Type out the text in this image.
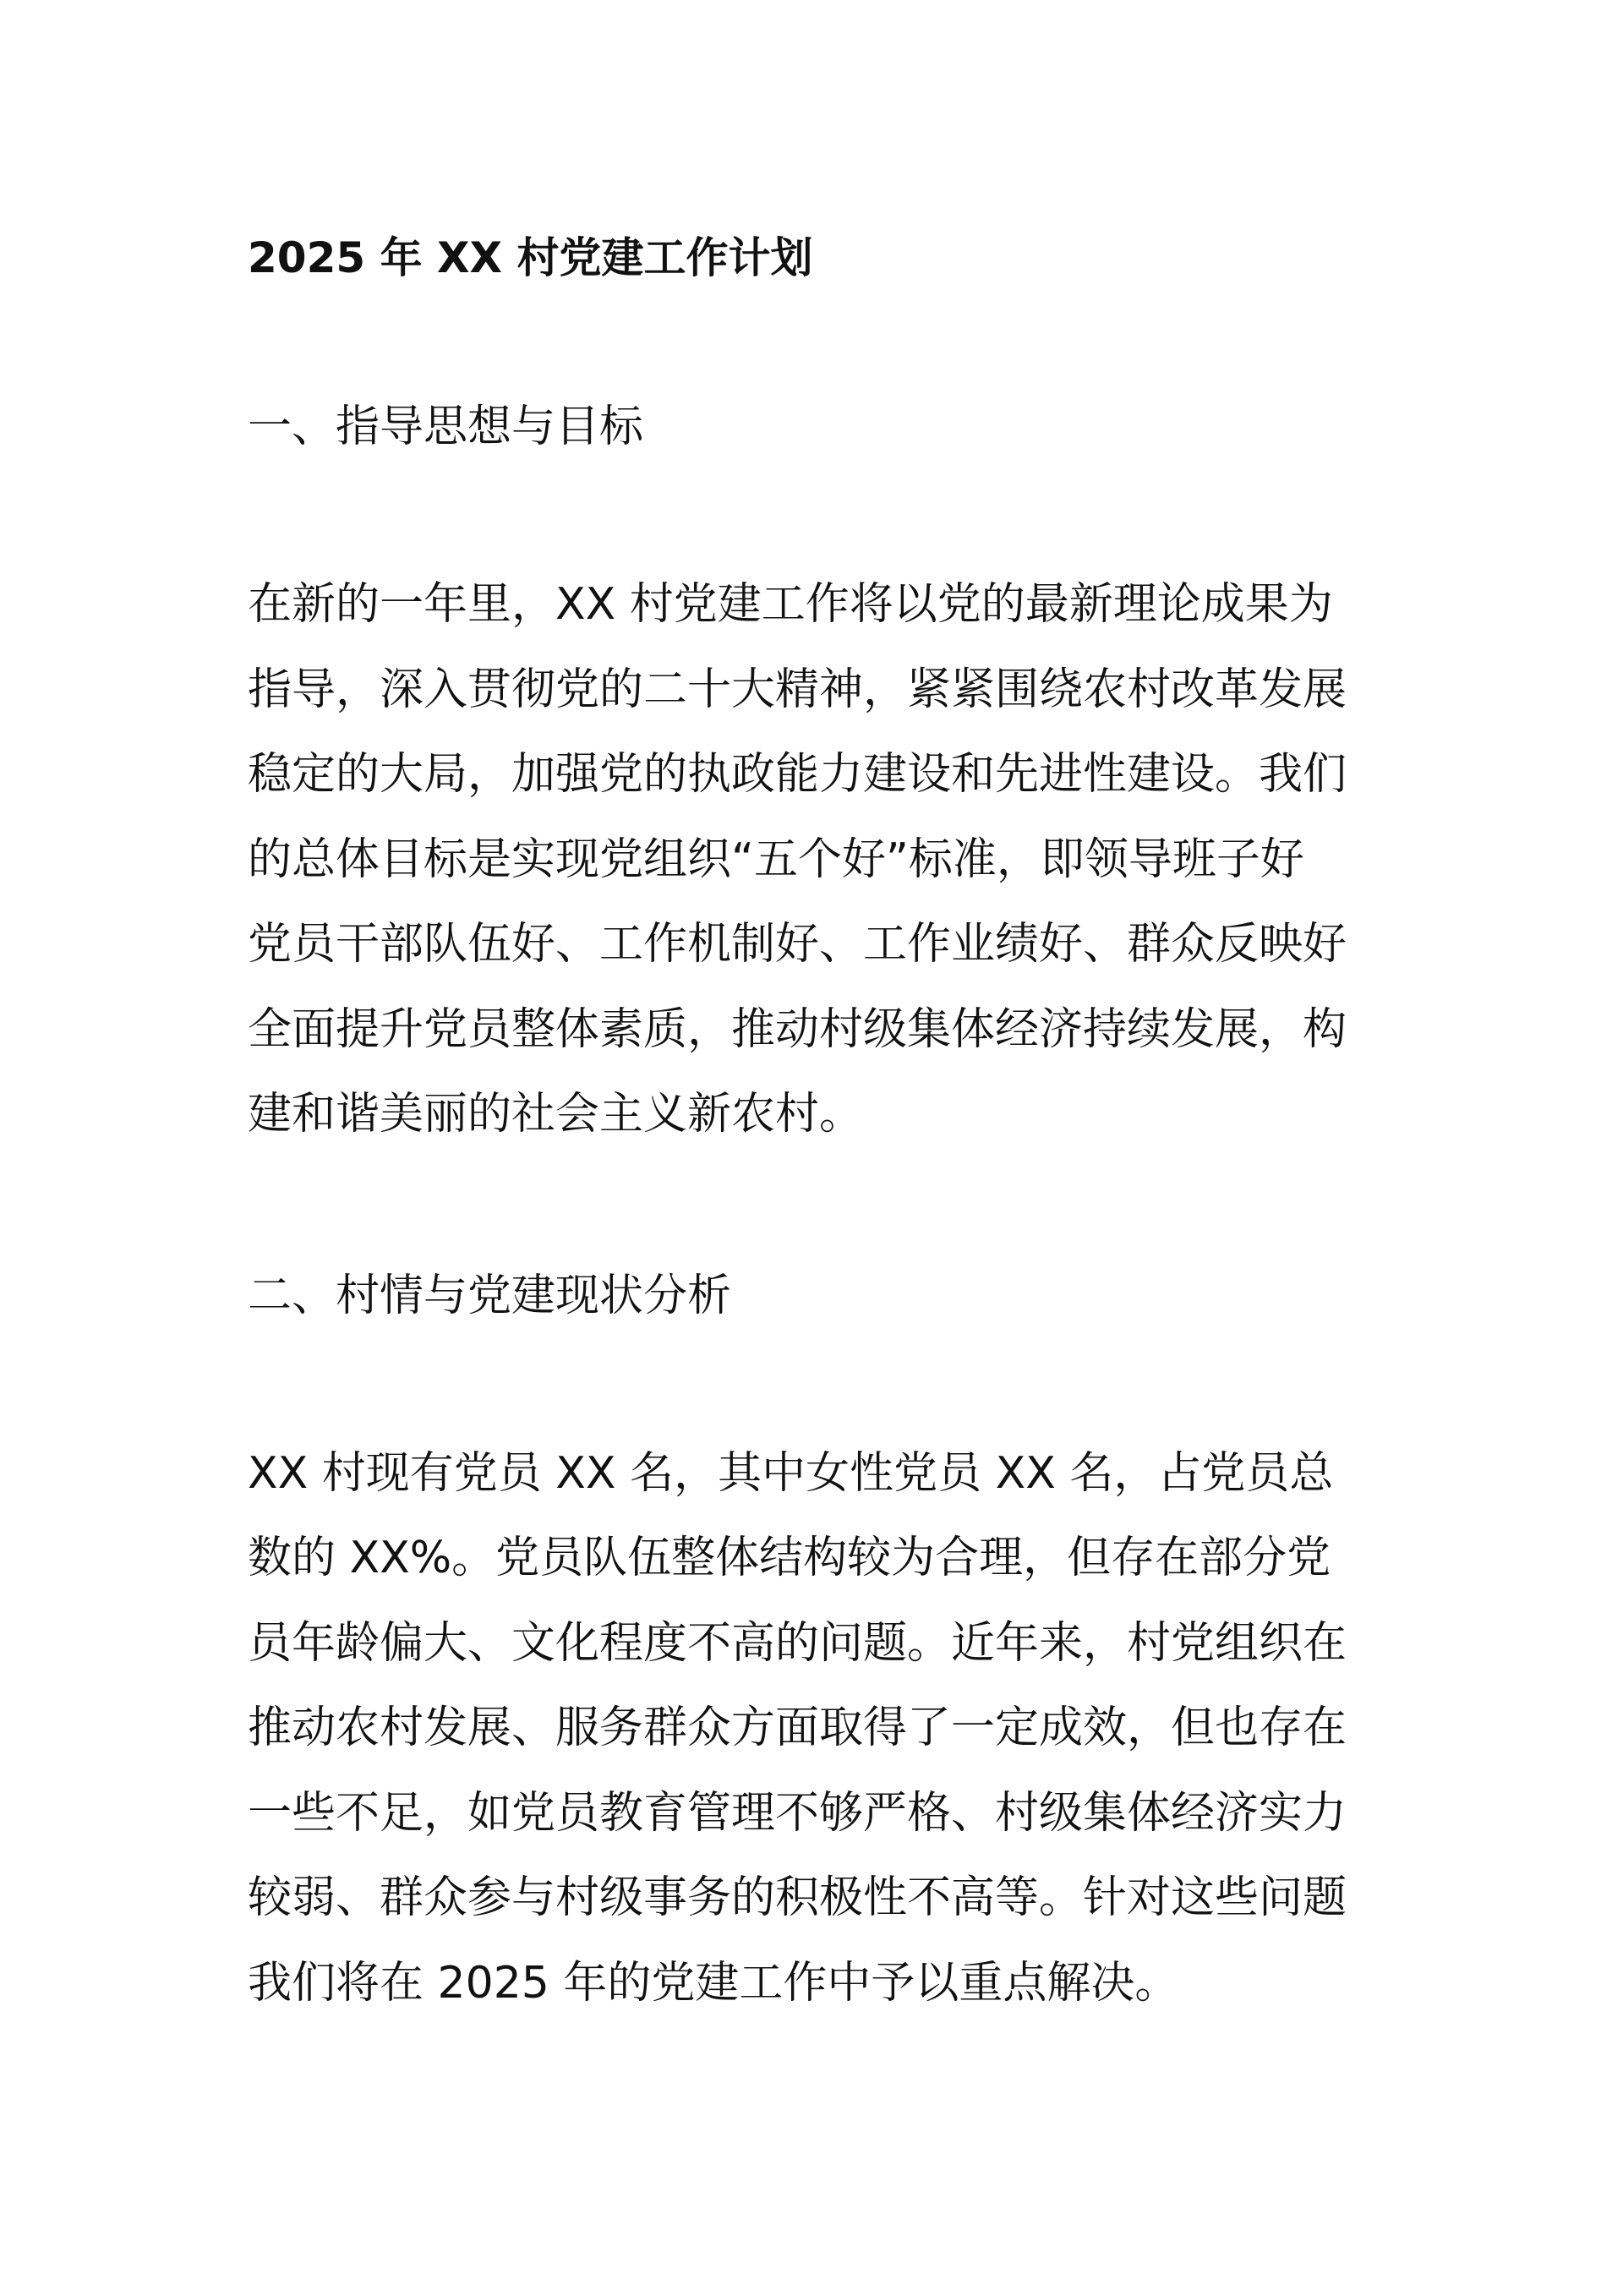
2025 年 XX 村党建工作计划
一、指导思想与目标
在新的一年里，XX 村党建工作将以党的最新理论成果为
指导，深入贯彻党的二十大精神，紧紧围绕农村改革发展
稳定的大局，加强党的执政能力建设和先进性建设。我们
的总体目标是实现党组织“五个好”标准，即领导班子好
党员干部队伍好、工作机制好、工作业绩好、群众反映好
全面提升党员整体素质，推动村级集体经济持续发展，构
建和谐美丽的社会主义新农村。
二、村情与党建现状分析
XX 村现有党员 XX 名，其中女性党员 XX 名，占党员总
数的 XX%。党员队伍整体结构较为合理，但存在部分党
员年龄偏大、文化程度不高的问题。近年来，村党组织在
推动农村发展、服务群众方面取得了一定成效，但也存在
一些不足，如党员教育管理不够严格、村级集体经济实力
较弱、群众参与村级事务的积极性不高等。针对这些问题
我们将在 2025 年的党建工作中予以重点解决。
